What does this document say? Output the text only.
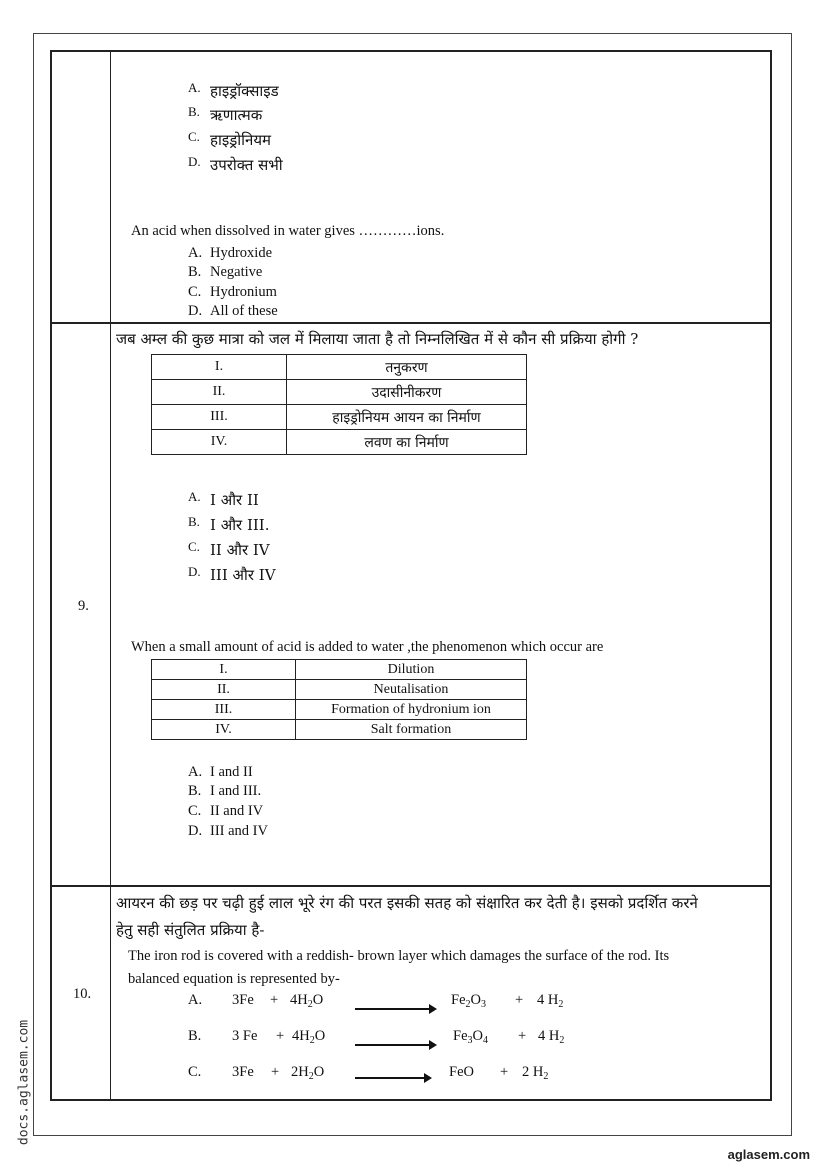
A. हाइड्रॉक्साइड
B. ऋणात्मक
C. हाइड्रोनियम
D. उपरोक्त सभी
An acid when dissolved in water gives …………ions.
A. Hydroxide
B. Negative
C. Hydronium
D. All of these
9.
जब अम्ल की कुछ मात्रा को जल में मिलाया जाता है तो निम्नलिखित में से कौन सी प्रक्रिया होगी ?
I.	तनुकरण
II.	उदासीनीकरण
III.	हाइड्रोनियम आयन का निर्माण
IV.	लवण का निर्माण
A. I और II
B. I और III.
C. II और IV
D. III और IV
When a small amount of acid is added to water ,the phenomenon which occur are
I.	Dilution
II.	Neutalisation
III.	Formation of hydronium ion
IV.	Salt formation
A. I and II
B. I and III.
C. II and IV
D. III and IV
10.
आयरन की छड़ पर चढ़ी हुई लाल भूरे रंग की परत इसकी सतह को संक्षारित कर देती है। इसको प्रदर्शित करने
हेतु सही संतुलित प्रक्रिया है-
The iron rod is covered with a reddish- brown layer which damages the surface of the rod. Its
balanced equation is represented by-
A. $3Fe + 4H_2O$	$Fe_2O_3 + 4$ $H_2$
B. 3 $Fe + 4H_2O$	$Fe_3O_4 + 4$ $H_2$
C. $3Fe + 2H_2O$	FeO + 2 $H_2$
docs.aglasem.com
aglasem.com
